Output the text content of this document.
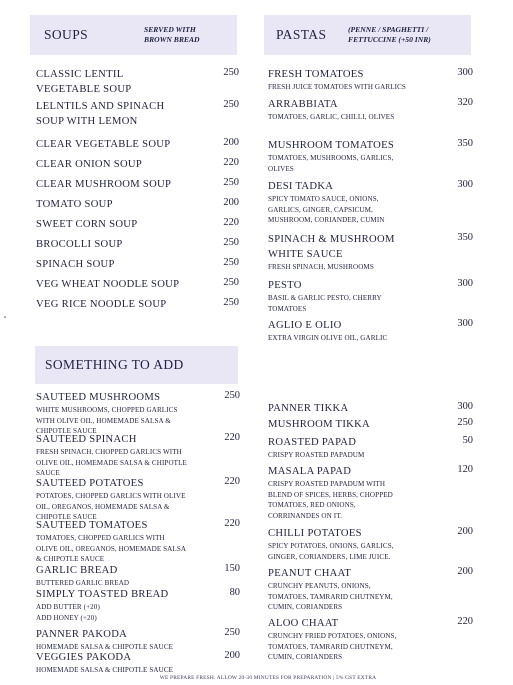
SOUPS	SERVED WITH
BROWN BREAD	PASTAS	(PENNE / SPAGHETTI /
FETTUCCINE (+50 INR)
SOMETHING TO ADD
CLASSIC LENTIL
VEGETABLE SOUP
250
LELNTILS AND SPINACH
SOUP WITH LEMON
250
CLEAR VEGETABLE SOUP	200
CLEAR ONION SOUP	220
CLEAR MUSHROOM SOUP	250
TOMATO SOUP	200
SWEET CORN SOUP	220
BROCOLLI SOUP	250
SPINACH SOUP	250
VEG WHEAT NOODLE SOUP	250
VEG RICE NOODLE SOUP	250
FRESH TOMATOES
FRESH JUICE TOMATOES WITH GARLICS
300
ARRABBIATA
TOMATOES, GARLIC, CHILLI, OLIVES
320
MUSHROOM TOMATOES
TOMATOES, MUSHROOMS, GARLICS,
OLIVES
350
DESI TADKA
SPICY TOMATO SAUCE, ONIONS,
GARLICS, GINGER, CAPSICUM,
MUSHROOM, CORIANDER, CUMIN
300
SPINACH & MUSHROOM
WHITE SAUCE
FRESH SPINACH, MUSHROOMS
350
PESTO
BASIL & GARLIC PESTO, CHERRY
TOMATOES
300
AGLIO E OLIO
EXTRA VIRGIN OLIVE OIL, GARLIC
300
SAUTEED MUSHROOMS
WHITE MUSHROOMS, CHOPPED GARLICS
WITH OLIVE OIL, HOMEMADE SALSA &
CHIPOTLE SAUCE
250
SAUTEED SPINACH
FRESH SPINACH, CHOPPED GARLICS WITH
OLIVE OIL, HOMEMADE SALSA & CHIPOTLE
SAUCE
220
SAUTEED POTATOES
POTATOES, CHOPPED GARLICS WITH OLIVE
OIL, OREGANOS, HOMEMADE SALSA &
CHIPOTLE SAUCE
220
SAUTEED TOMATOES
TOMATOES, CHOPPED GARLICS WITH
OLIVE OIL, OREGANOS, HOMEMADE SALSA
& CHIPOTLE SAUCE
220
GARLIC BREAD
BUTTERED GARLIC BREAD
150
SIMPLY TOASTED BREAD
ADD BUTTER (+20)
ADD HONEY (+20)
80
PANNER PAKODA
HOMEMADE SALSA & CHIPOTLE SAUCE
250
VEGGIES PAKODA
HOMEMADE SALSA & CHIPOTLE SAUCE
200
PANNER TIKKA	300
MUSHROOM TIKKA	250
ROASTED PAPAD
CRISPY ROASTED PAPADUM
50
MASALA PAPAD
CRISPY ROASTED PAPADUM WITH
BLEND OF SPICES, HERBS, CHOPPED
TOMATOES, RED ONIONS,
CORRINANDES ON IT.
120
CHILLI POTATOES
SPICY POTATOES, ONIONS, GARLICS,
GINGER, CORIANDERS, LIME JUICE.
200
PEANUT CHAAT
CRUNCHY PEANUTS, ONIONS,
TOMATOES, TAMRARID CHUTNEYM,
CUMIN, CORIANDERS
200
ALOO CHAAT
CRUNCHY FRIED POTATOES, ONIONS,
TOMATOES, TAMRARID CHUTNEYM,
CUMIN, CORIANDERS
220
WE PREPARE FRESH. ALLOW 20-30 MINUTES FOR PREPARATION | 5% GST EXTRA
